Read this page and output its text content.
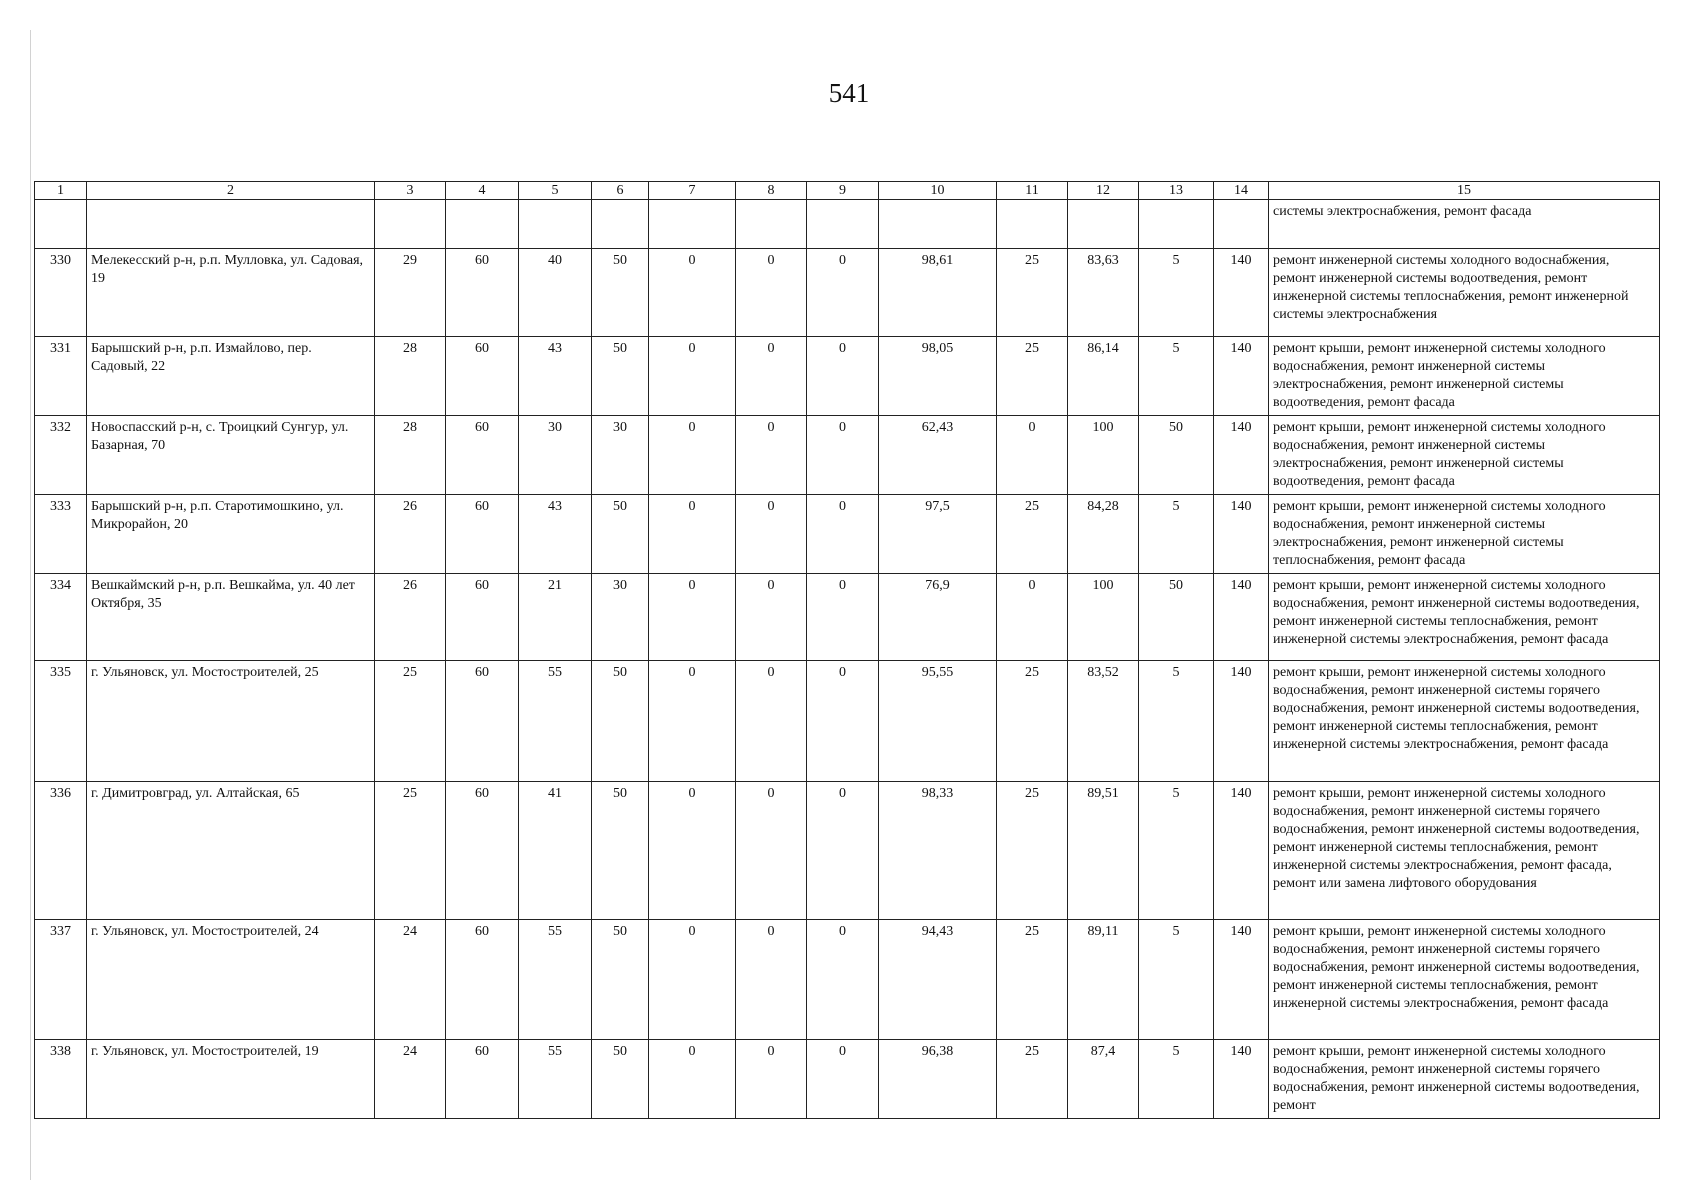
541
1	2	3	4	5	6	7	8	9	10	11	12	13	14	15
														системы электроснабжения, ремонт фасада
330	Мелекесский р-н, р.п. Мулловка, ул. Садовая, 19	29	60	40	50	0	0	0	98,61	25	83,63	5	140	ремонт инженерной системы холодного водоснабжения, ремонт инженерной системы водоотведения, ремонт инженерной системы теплоснабжения, ремонт инженерной системы электроснабжения
331	Барышский р-н, р.п. Измайлово, пер. Садовый, 22	28	60	43	50	0	0	0	98,05	25	86,14	5	140	ремонт крыши, ремонт инженерной системы холодного водоснабжения, ремонт инженерной системы электроснабжения, ремонт инженерной системы водоотведения, ремонт фасада
332	Новоспасский р-н, с. Троицкий Сунгур, ул. Базарная, 70	28	60	30	30	0	0	0	62,43	0	100	50	140	ремонт крыши, ремонт инженерной системы холодного водоснабжения, ремонт инженерной системы электроснабжения, ремонт инженерной системы водоотведения, ремонт фасада
333	Барышский р-н, р.п. Старотимошкино, ул. Микрорайон, 20	26	60	43	50	0	0	0	97,5	25	84,28	5	140	ремонт крыши, ремонт инженерной системы холодного водоснабжения, ремонт инженерной системы электроснабжения, ремонт инженерной системы теплоснабжения, ремонт фасада
334	Вешкаймский р-н, р.п. Вешкайма, ул. 40 лет Октября, 35	26	60	21	30	0	0	0	76,9	0	100	50	140	ремонт крыши, ремонт инженерной системы холодного водоснабжения, ремонт инженерной системы водоотведения, ремонт инженерной системы теплоснабжения, ремонт инженерной системы электроснабжения, ремонт фасада
335	г. Ульяновск, ул. Мостостроителей, 25	25	60	55	50	0	0	0	95,55	25	83,52	5	140	ремонт крыши, ремонт инженерной системы холодного водоснабжения, ремонт инженерной системы горячего водоснабжения, ремонт инженерной системы водоотведения, ремонт инженерной системы теплоснабжения, ремонт инженерной системы электроснабжения, ремонт фасада
336	г. Димитровград, ул. Алтайская, 65	25	60	41	50	0	0	0	98,33	25	89,51	5	140	ремонт крыши, ремонт инженерной системы холодного водоснабжения, ремонт инженерной системы горячего водоснабжения, ремонт инженерной системы водоотведения, ремонт инженерной системы теплоснабжения, ремонт инженерной системы электроснабжения, ремонт фасада, ремонт или замена лифтового оборудования
337	г. Ульяновск, ул. Мостостроителей, 24	24	60	55	50	0	0	0	94,43	25	89,11	5	140	ремонт крыши, ремонт инженерной системы холодного водоснабжения, ремонт инженерной системы горячего водоснабжения, ремонт инженерной системы водоотведения, ремонт инженерной системы теплоснабжения, ремонт инженерной системы электроснабжения, ремонт фасада
338	г. Ульяновск, ул. Мостостроителей, 19	24	60	55	50	0	0	0	96,38	25	87,4	5	140	ремонт крыши, ремонт инженерной системы холодного водоснабжения, ремонт инженерной системы горячего водоснабжения, ремонт инженерной системы водоотведения, ремонт
